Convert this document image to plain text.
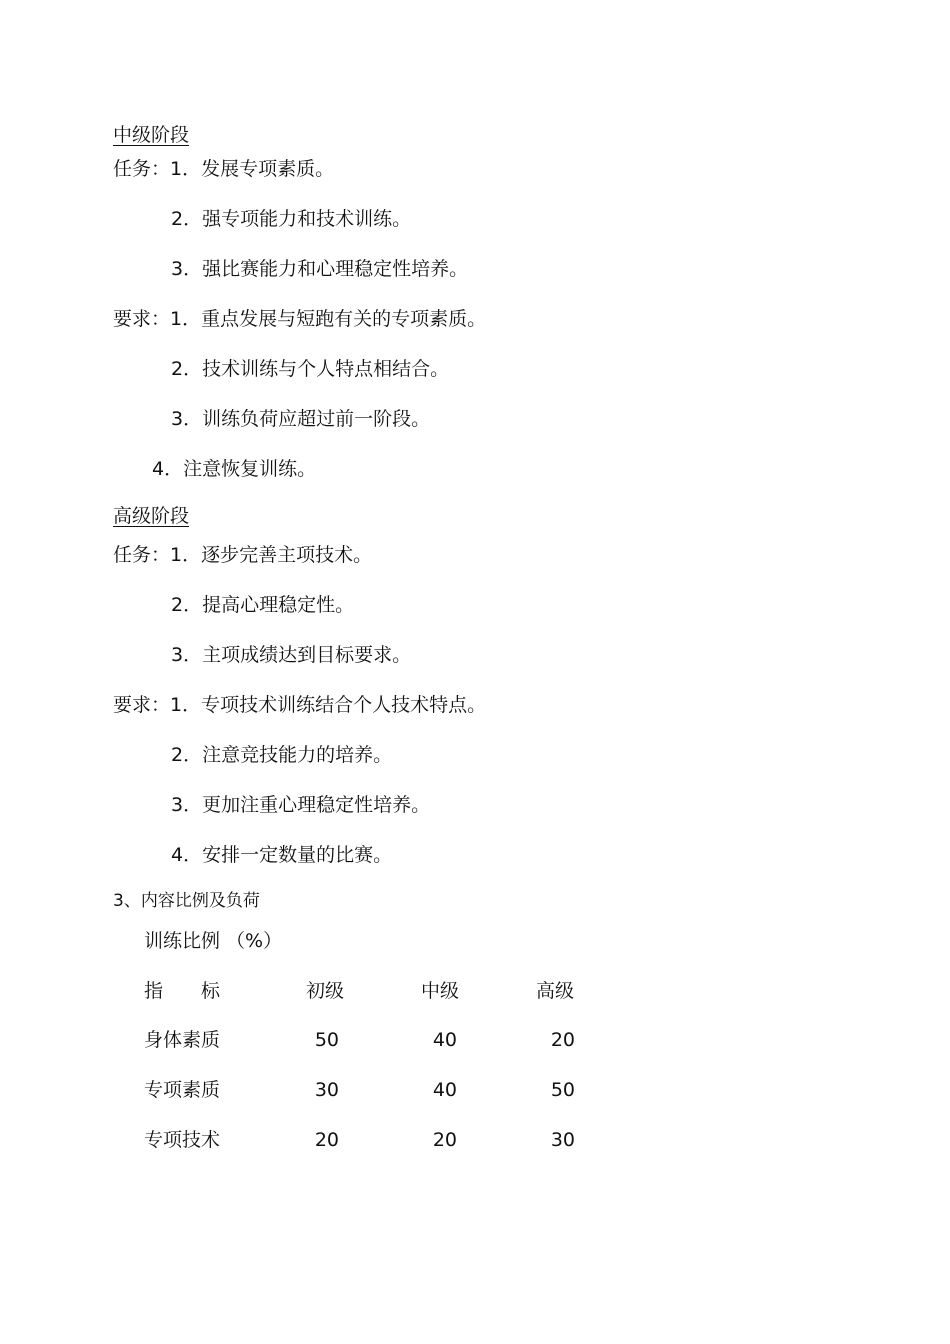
中级阶段
任务：1．发展专项素质。
2．强专项能力和技术训练。
3．强比赛能力和心理稳定性培养。
要求：1．重点发展与短跑有关的专项素质。
2．技术训练与个人特点相结合。
3．训练负荷应超过前一阶段。
4．注意恢复训练。
高级阶段
任务：1．逐步完善主项技术。
2．提高心理稳定性。
3．主项成绩达到目标要求。
要求：1．专项技术训练结合个人技术特点。
2．注意竞技能力的培养。
3．更加注重心理稳定性培养。
4．安排一定数量的比赛。
3、内容比例及负荷
训练比例 （%）
指　　标	初级	中级	高级
身体素质	50	40	20
专项素质	30	40	50
专项技术	20	20	30
